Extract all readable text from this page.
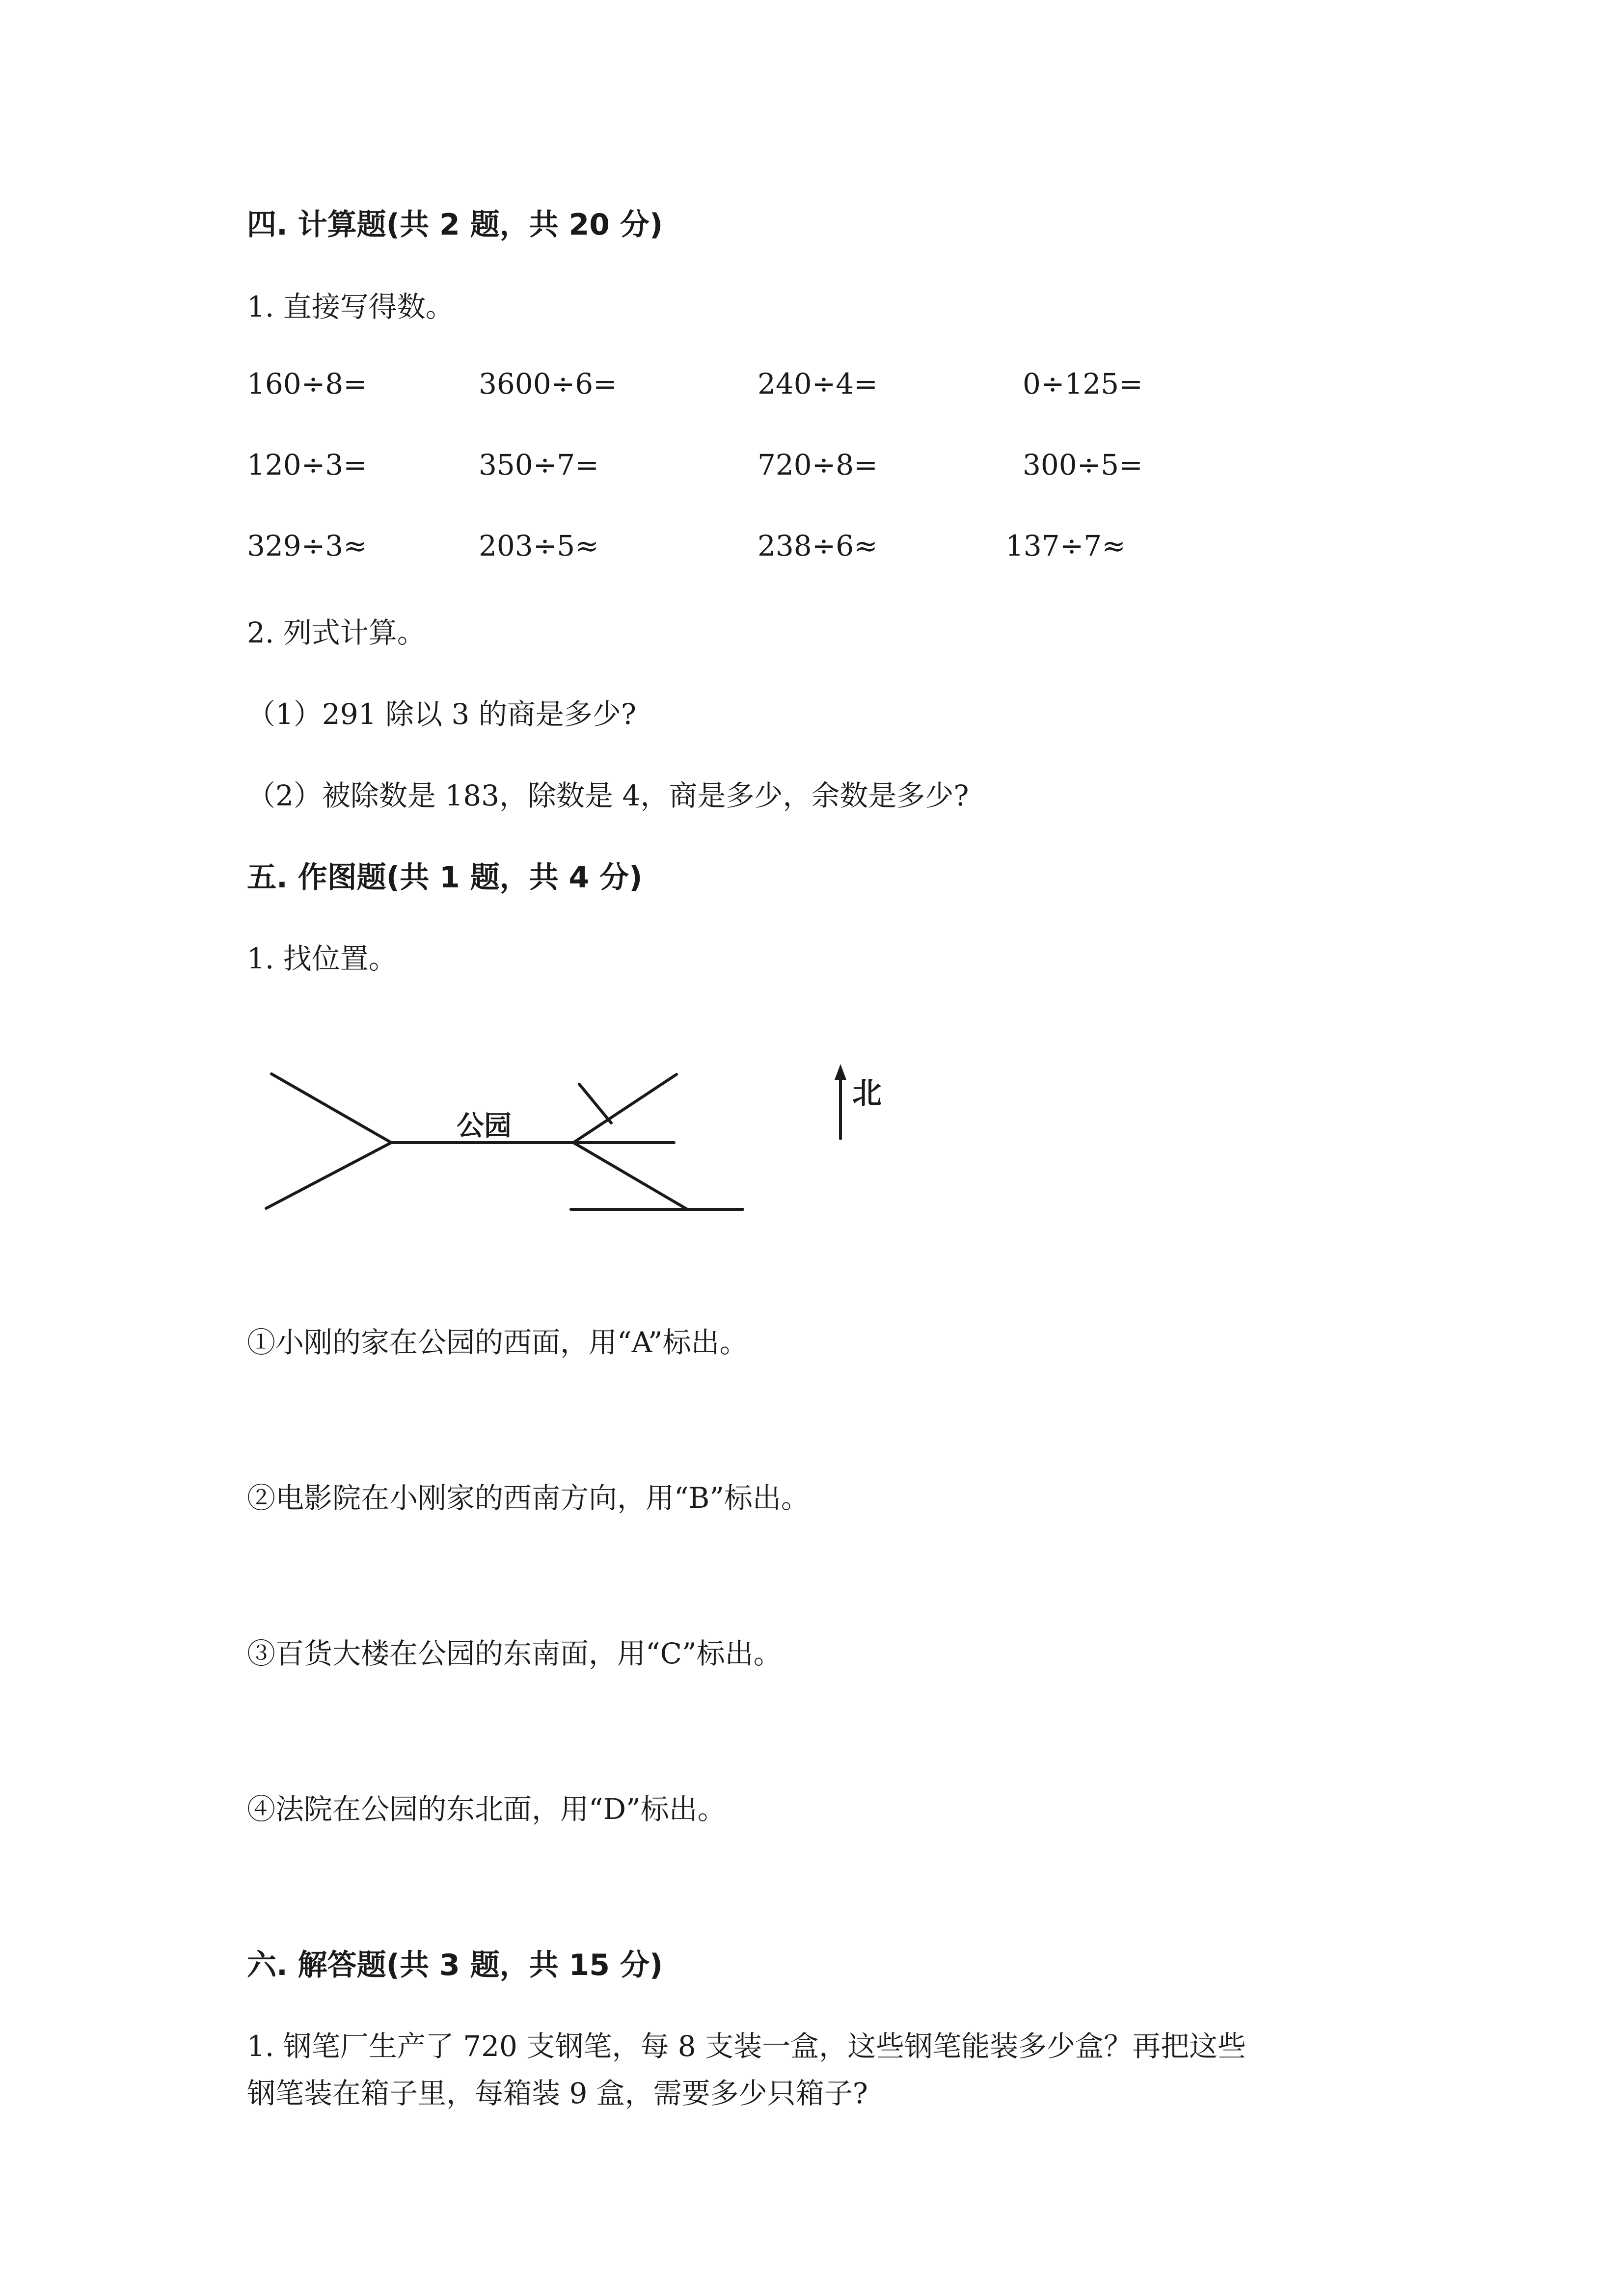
四. 计算题(共 2 题，共 20 分)
1. 直接写得数。
160÷8=	3600÷6=	240÷4=	0÷125=
120÷3=	350÷7=	720÷8=	300÷5=
329÷3≈	203÷5≈	238÷6≈	137÷7≈
2. 列式计算。
（1）291 除以 3 的商是多少?
（2）被除数是 183，除数是 4，商是多少，余数是多少?
五. 作图题(共 1 题，共 4 分)
1. 找位置。
公园
北
①小刚的家在公园的西面，用“A”标出。
②电影院在小刚家的西南方向，用“B”标出。
③百货大楼在公园的东南面，用“C”标出。
④法院在公园的东北面，用“D”标出。
六. 解答题(共 3 题，共 15 分)
1. 钢笔厂生产了 720 支钢笔，每 8 支装一盒，这些钢笔能装多少盒？再把这些
钢笔装在箱子里，每箱装 9 盒，需要多少只箱子?
